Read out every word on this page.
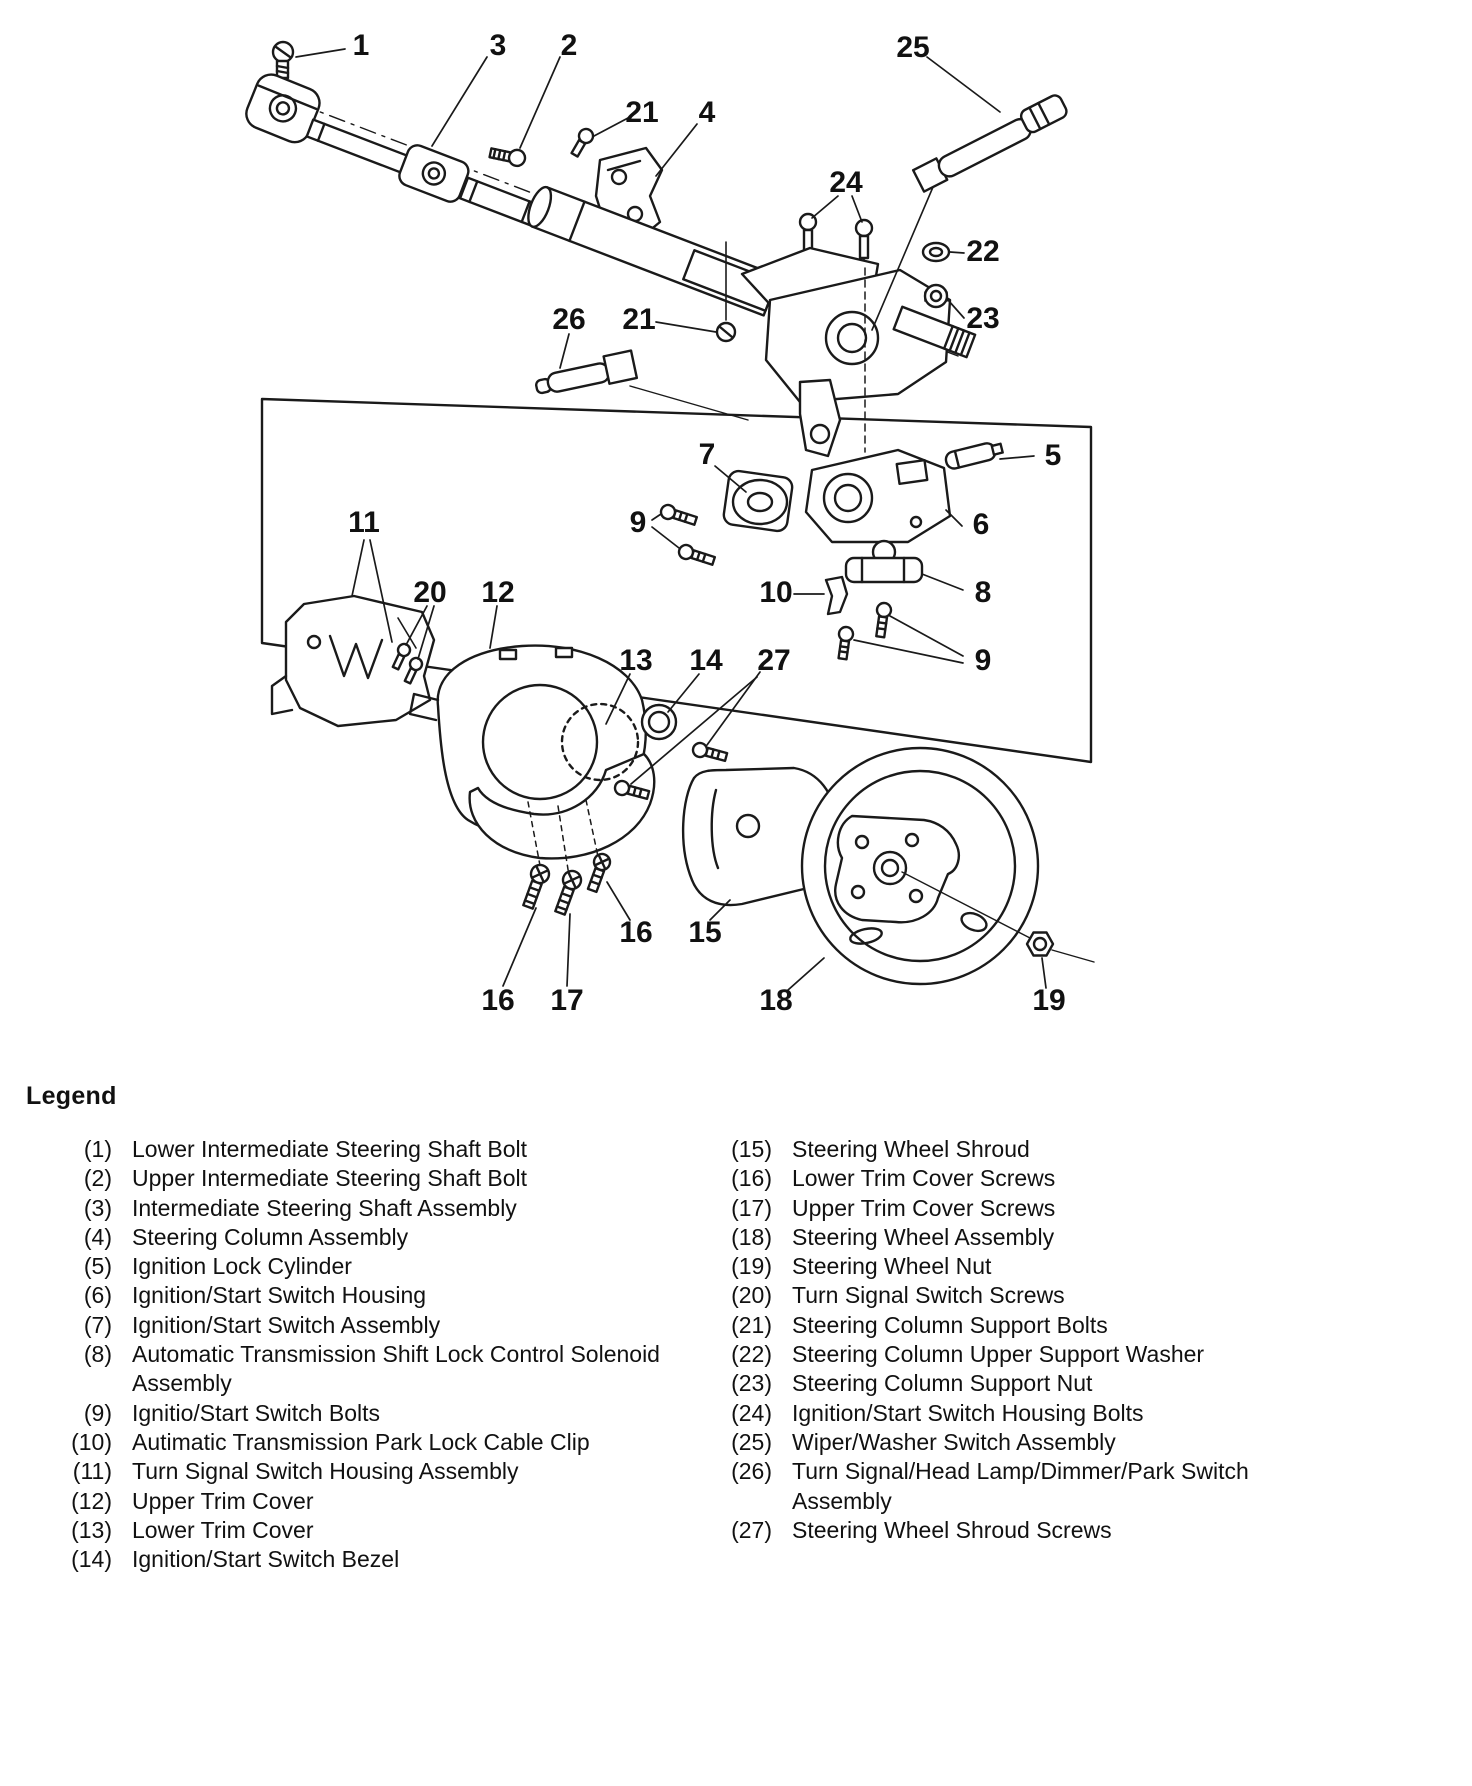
1	3 2	25
21 4
24
22
23
26 21
7	5
9	6
11
20 12	10	8
9
13 14 27
16 15
16 17	18	19
Legend
(1) Lower Intermediate Steering Shaft Bolt
(2) Upper Intermediate Steering Shaft Bolt
(3) Intermediate Steering Shaft Assembly
(4) Steering Column Assembly
(5) Ignition Lock Cylinder
(6) Ignition/Start Switch Housing
(7) Ignition/Start Switch Assembly
(8) Automatic Transmission Shift Lock Control Solenoid Assembly
(9) Ignitio/Start Switch Bolts
(10) Autimatic Transmission Park Lock Cable Clip
(11) Turn Signal Switch Housing Assembly
(12) Upper Trim Cover
(13) Lower Trim Cover
(14) Ignition/Start Switch Bezel
(15) Steering Wheel Shroud
(16) Lower Trim Cover Screws
(17) Upper Trim Cover Screws
(18) Steering Wheel Assembly
(19) Steering Wheel Nut
(20) Turn Signal Switch Screws
(21) Steering Column Support Bolts
(22) Steering Column Upper Support Washer
(23) Steering Column Support Nut
(24) Ignition/Start Switch Housing Bolts
(25) Wiper/Washer Switch Assembly
(26) Turn Signal/Head Lamp/Dimmer/Park Switch Assembly
(27) Steering Wheel Shroud Screws
